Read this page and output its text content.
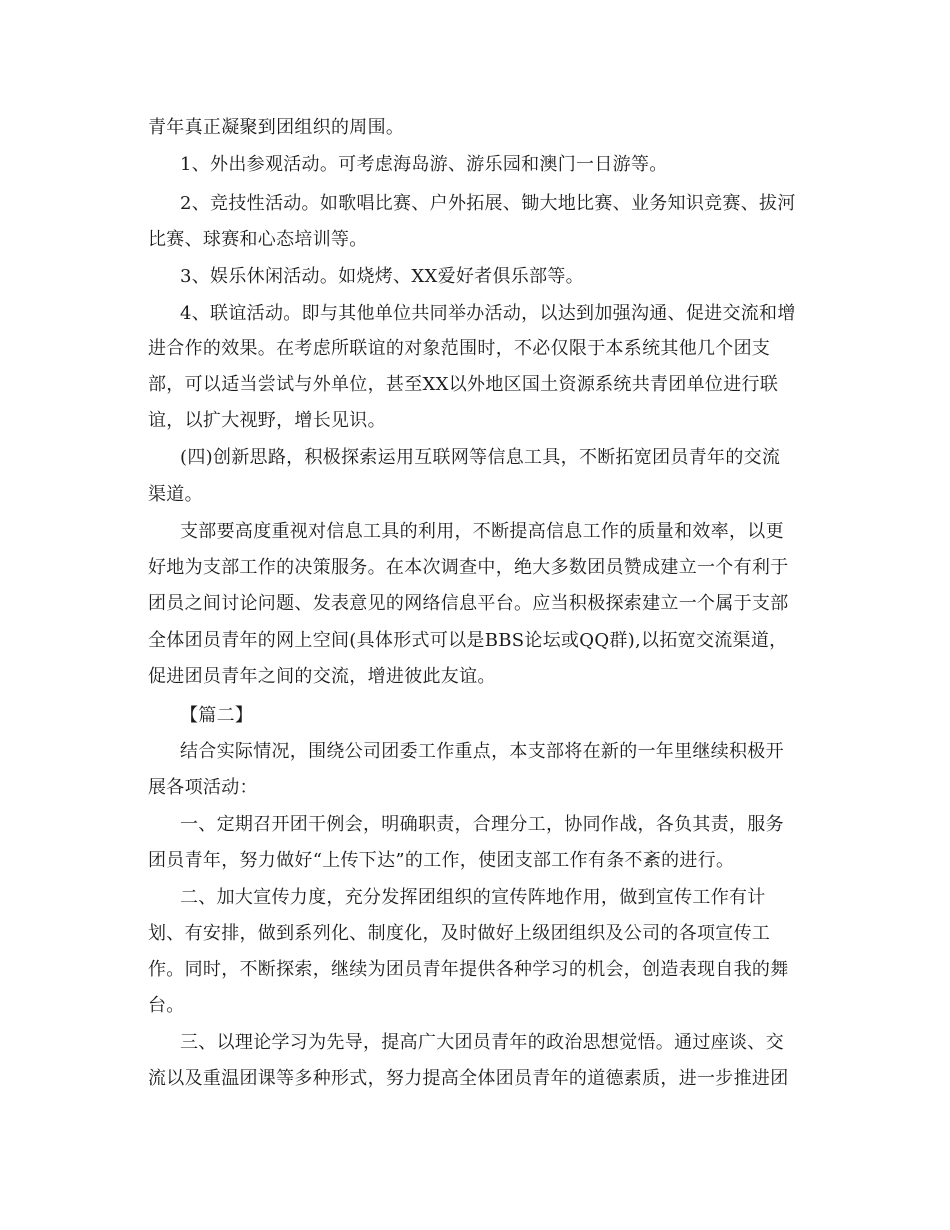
青年真正凝聚到团组织的周围。
1、外出参观活动。可考虑海岛游、游乐园和澳门一日游等。
2、竞技性活动。如歌唱比赛、户外拓展、锄大地比赛、业务知识竞赛、拔河
比赛、球赛和心态培训等。
3、娱乐休闲活动。如烧烤、XX爱好者俱乐部等。
4、联谊活动。即与其他单位共同举办活动，以达到加强沟通、促进交流和增
进合作的效果。在考虑所联谊的对象范围时，不必仅限于本系统其他几个团支
部，可以适当尝试与外单位，甚至XX以外地区国土资源系统共青团单位进行联
谊，以扩大视野，增长见识。
(四)创新思路，积极探索运用互联网等信息工具，不断拓宽团员青年的交流
渠道。
支部要高度重视对信息工具的利用，不断提高信息工作的质量和效率，以更
好地为支部工作的决策服务。在本次调查中，绝大多数团员赞成建立一个有利于
团员之间讨论问题、发表意见的网络信息平台。应当积极探索建立一个属于支部
全体团员青年的网上空间(具体形式可以是BBS论坛或QQ群),以拓宽交流渠道，
促进团员青年之间的交流，增进彼此友谊。
【篇二】
结合实际情况，围绕公司团委工作重点，本支部将在新的一年里继续积极开
展各项活动：
一、定期召开团干例会，明确职责，合理分工，协同作战，各负其责，服务
团员青年，努力做好“上传下达”的工作，使团支部工作有条不紊的进行。
二、加大宣传力度，充分发挥团组织的宣传阵地作用，做到宣传工作有计
划、有安排，做到系列化、制度化，及时做好上级团组织及公司的各项宣传工
作。同时，不断探索，继续为团员青年提供各种学习的机会，创造表现自我的舞
台。
三、以理论学习为先导，提高广大团员青年的政治思想觉悟。通过座谈、交
流以及重温团课等多种形式，努力提高全体团员青年的道德素质，进一步推进团
